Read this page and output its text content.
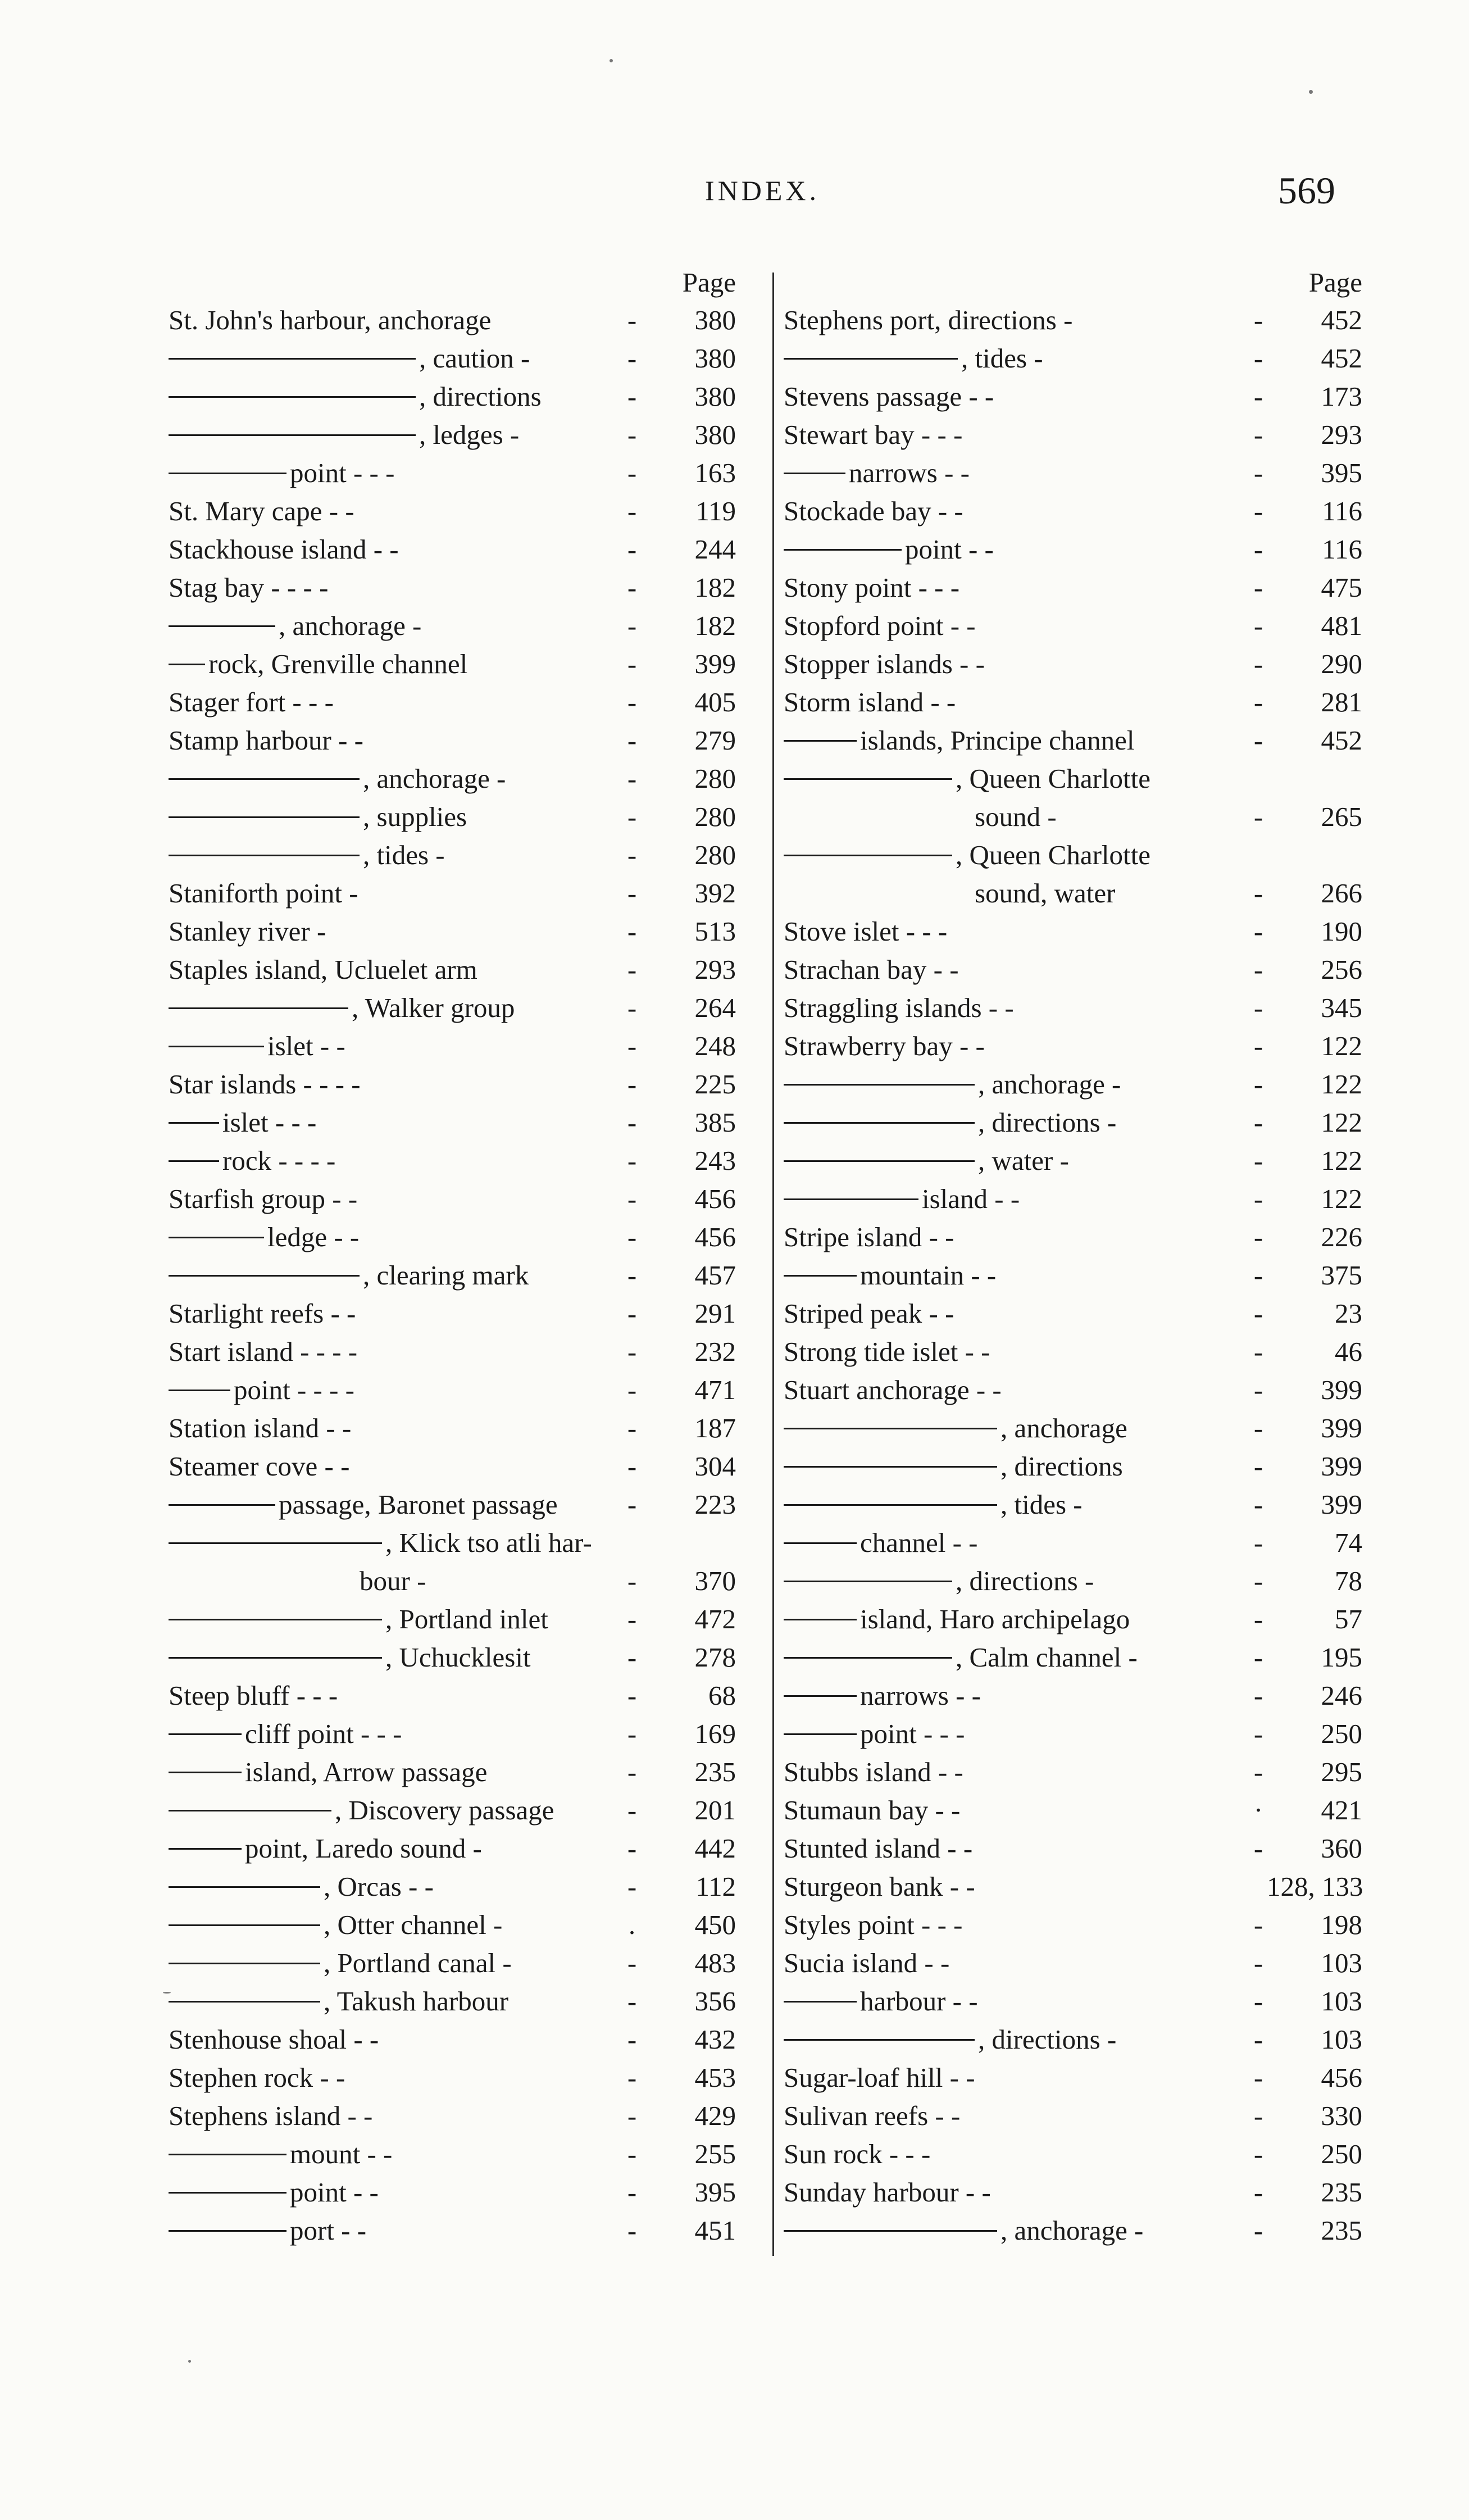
INDEX.	569
Page
St. John's harbour, anchorage	-	380
, caution -	-	380
, directions	-	380
, ledges -	-	380
point - - -	-	163
St. Mary cape - -	-	119
Stackhouse island - -	-	244
Stag bay - - - -	-	182
, anchorage -	-	182
rock, Grenville channel	-	399
Stager fort - - -	-	405
Stamp harbour - -	-	279
, anchorage -	-	280
, supplies	-	280
, tides -	-	280
Staniforth point -	-	392
Stanley river -	-	513
Staples island, Ucluelet arm	-	293
, Walker group	-	264
islet - -	-	248
Star islands - - - -	-	225
islet - - -	-	385
rock - - - -	-	243
Starfish group - -	-	456
ledge - -	-	456
, clearing mark	-	457
Starlight reefs - -	-	291
Start island - - - -	-	232
point - - - -	-	471
Station island - -	-	187
Steamer cove - -	-	304
passage, Baronet passage	-	223
, Klick tso atli har-
bour -	-	370
, Portland inlet	-	472
, Uchucklesit	-	278
Steep bluff - - -	-	68
cliff point - - -	-	169
island, Arrow passage	-	235
, Discovery passage	-	201
point, Laredo sound -	-	442
, Orcas - -	-	112
, Otter channel -	.	450
, Portland canal -	-	483
, Takush harbour	-	356
Stenhouse shoal - -	-	432
Stephen rock - -	-	453
Stephens island - -	-	429
mount - -	-	255
point - -	-	395
port - -	-	451
Page
Stephens port, directions -	-	452
, tides -	-	452
Stevens passage - -	-	173
Stewart bay - - -	-	293
narrows - -	-	395
Stockade bay - -	-	116
point - -	-	116
Stony point - - -	-	475
Stopford point - -	-	481
Stopper islands - -	-	290
Storm island - -	-	281
islands, Principe channel	-	452
, Queen Charlotte
sound -	-	265
, Queen Charlotte
sound, water	-	266
Stove islet - - -	-	190
Strachan bay - -	-	256
Straggling islands - -	-	345
Strawberry bay - -	-	122
, anchorage -	-	122
, directions -	-	122
, water -	-	122
island - -	-	122
Stripe island - -	-	226
mountain - -	-	375
Striped peak - -	-	23
Strong tide islet - -	-	46
Stuart anchorage - -	-	399
, anchorage	-	399
, directions	-	399
, tides -	-	399
channel - -	-	74
, directions -	-	78
island, Haro archipelago	-	57
, Calm channel -	-	195
narrows - -	-	246
point - - -	-	250
Stubbs island - -	-	295
Stumaun bay - -	·	421
Stunted island - -	-	360
Sturgeon bank - -	128, 133
Styles point - - -	-	198
Sucia island - -	-	103
harbour - -	-	103
, directions -	-	103
Sugar-loaf hill - -	-	456
Sulivan reefs - -	-	330
Sun rock - - -	-	250
Sunday harbour - -	-	235
, anchorage -	-	235
